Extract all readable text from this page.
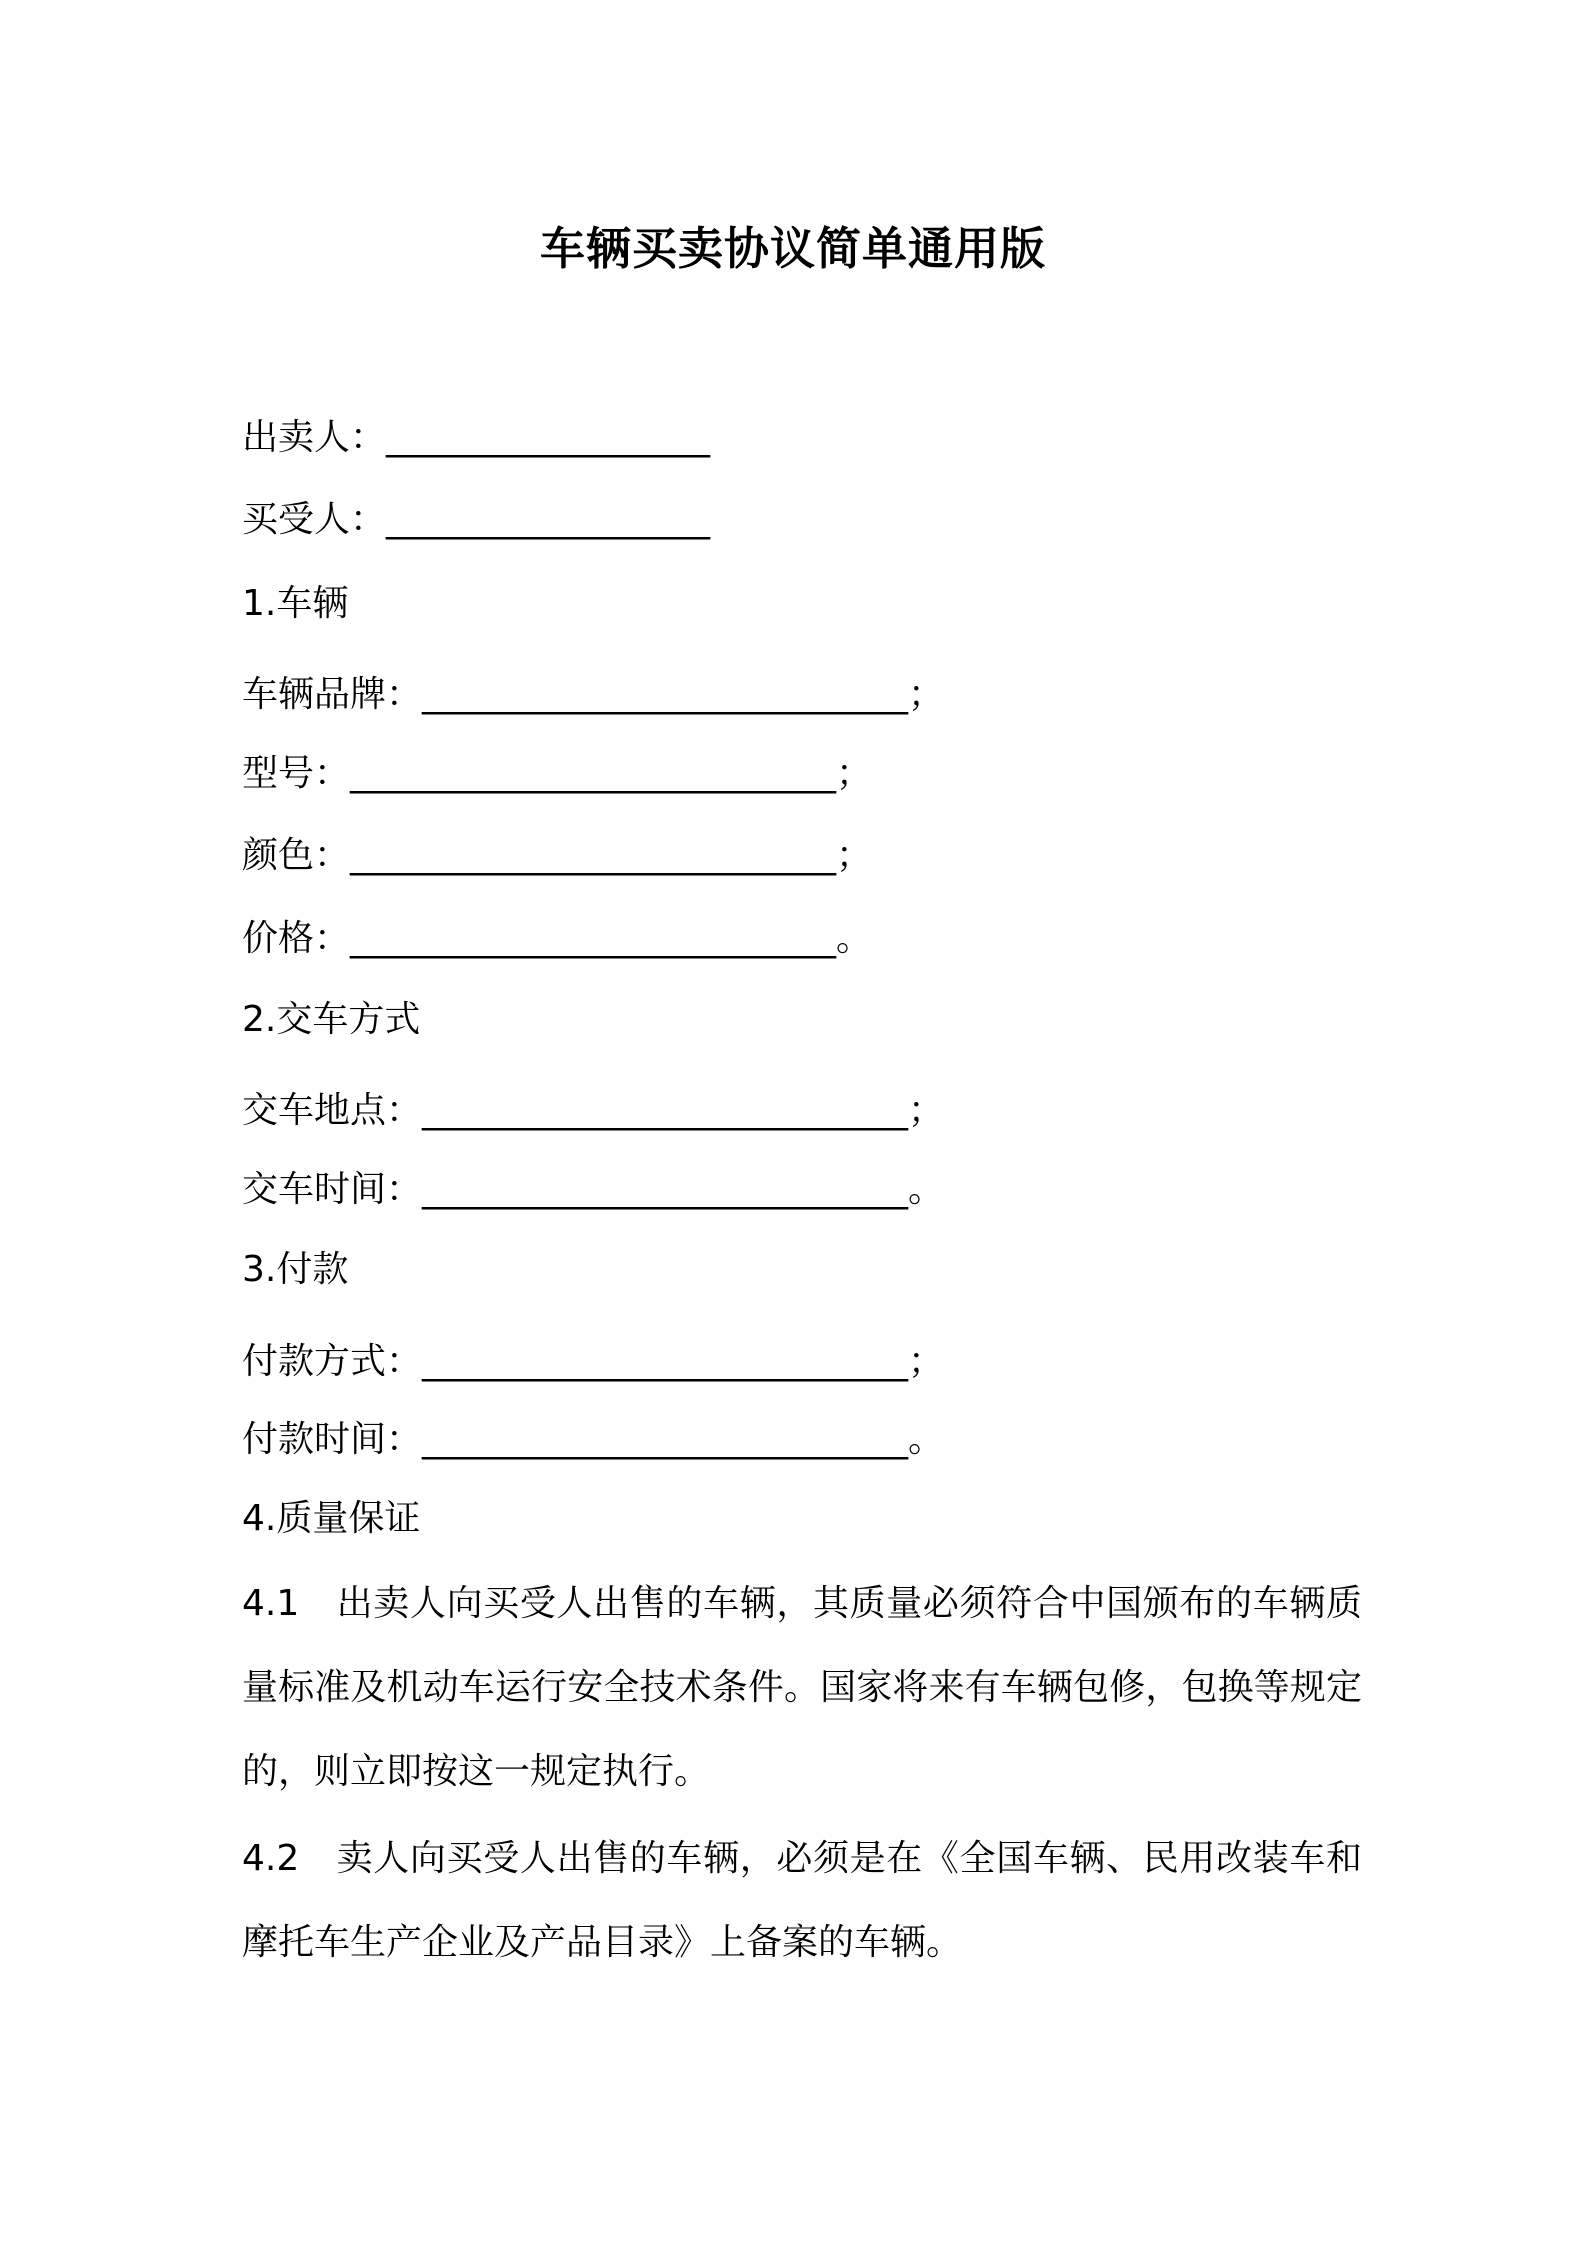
车辆买卖协议简单通用版
出卖人：__________________
买受人：__________________
1.车辆
车辆品牌：___________________________；
型号：___________________________；
颜色：___________________________；
价格：___________________________。
2.交车方式
交车地点：___________________________；
交车时间：___________________________。
3.付款
付款方式：___________________________；
付款时间：___________________________。
4.质量保证
4.1 出卖人向买受人出售的车辆，其质量必须符合中国颁布的车辆质量标准及机动车运行安全技术条件。国家将来有车辆包修，包换等规定的，则立即按这一规定执行。
4.2 卖人向买受人出售的车辆，必须是在《全国车辆、民用改装车和摩托车生产企业及产品目录》上备案的车辆。
